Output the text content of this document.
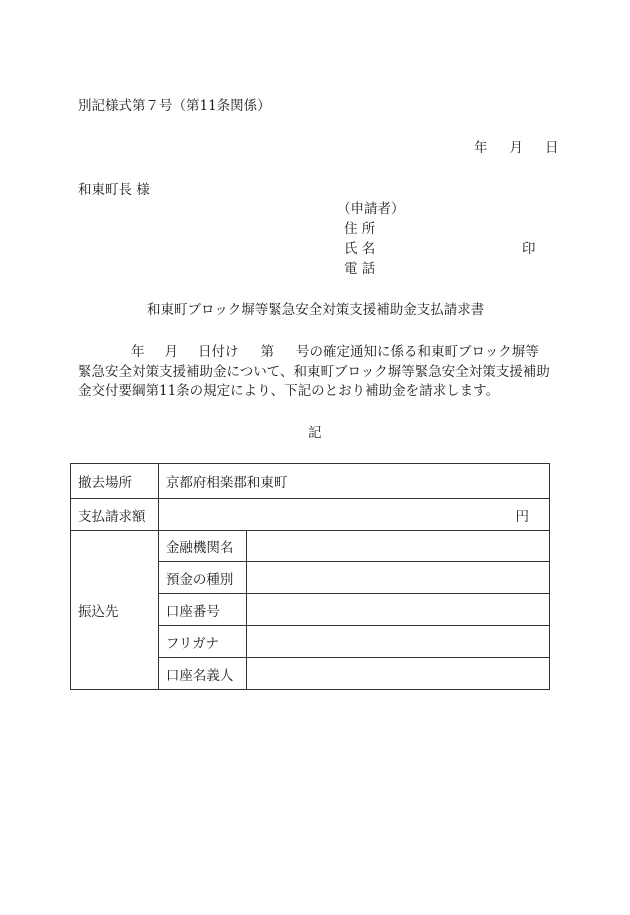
別記様式第７号（第11条関係）
年 月 日
和東町長 様
（申請者）
住 所
氏 名	印
電 話
和東町ブロック塀等緊急安全対策支援補助金支払請求書
年 月 日付け 第 号の確定通知に係る和東町ブロック塀等
緊急安全対策支援補助金について、和東町ブロック塀等緊急安全対策支援補助
金交付要綱第11条の規定により、下記のとおり補助金を請求します。
記
撤去場所	京都府相楽郡和東町	
支払請求額	円	
振込先	金融機関名	
	預金の種別	
	口座番号	
	フリガナ	
	口座名義人	
